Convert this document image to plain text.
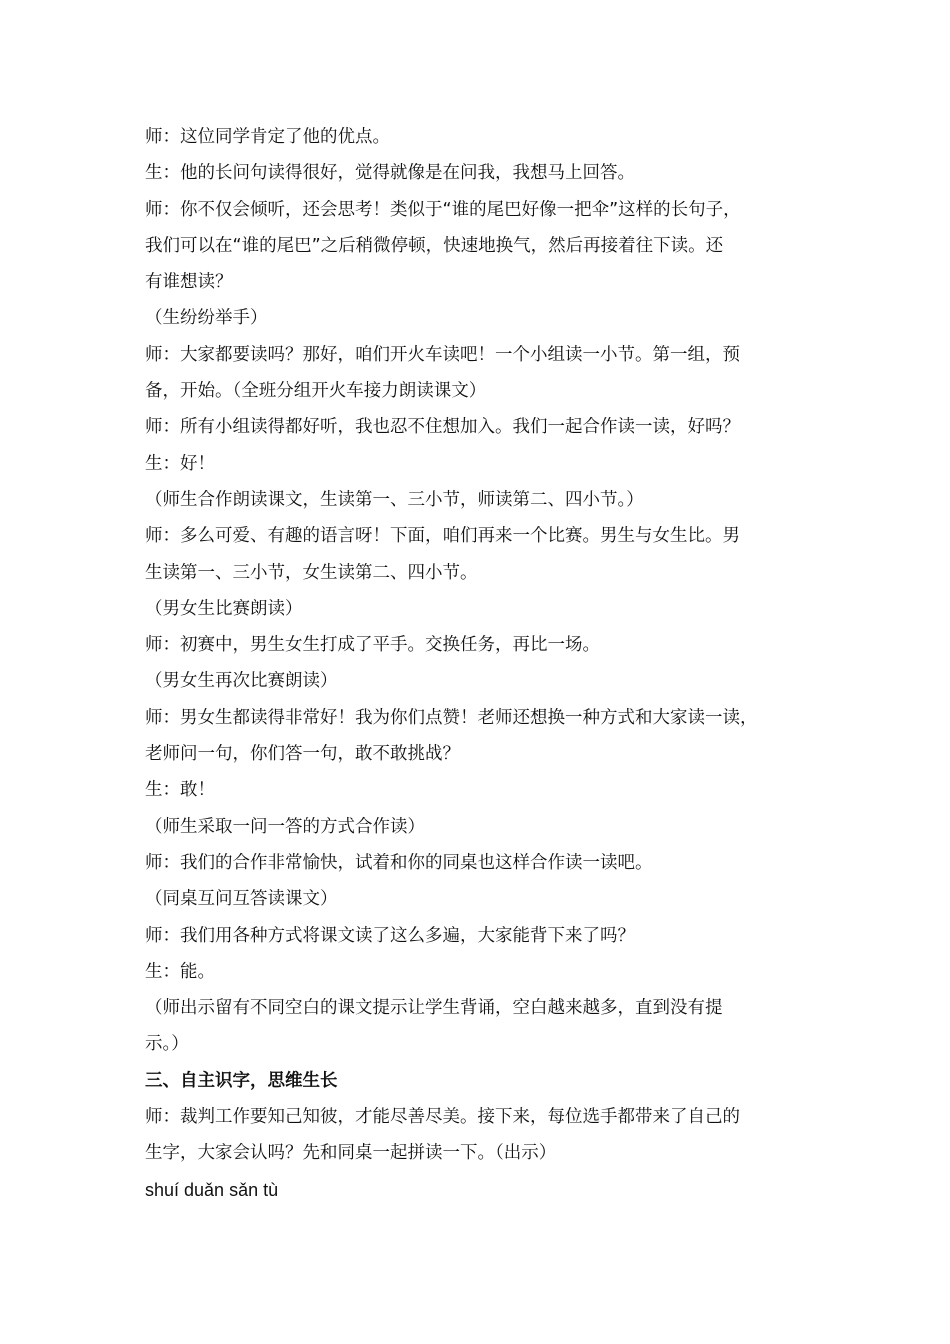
师：这位同学肯定了他的优点。
生：他的长问句读得很好，觉得就像是在问我，我想马上回答。
师：你不仅会倾听，还会思考！类似于“谁的尾巴好像一把伞”这样的长句子，
我们可以在“谁的尾巴”之后稍微停顿，快速地换气，然后再接着往下读。还
有谁想读？
（生纷纷举手）
师：大家都要读吗？那好，咱们开火车读吧！一个小组读一小节。第一组，预
备，开始。（全班分组开火车接力朗读课文）
师：所有小组读得都好听，我也忍不住想加入。我们一起合作读一读，好吗？
生：好！
（师生合作朗读课文，生读第一、三小节，师读第二、四小节。）
师：多么可爱、有趣的语言呀！下面，咱们再来一个比赛。男生与女生比。男
生读第一、三小节，女生读第二、四小节。
（男女生比赛朗读）
师：初赛中，男生女生打成了平手。交换任务，再比一场。
（男女生再次比赛朗读）
师：男女生都读得非常好！我为你们点赞！老师还想换一种方式和大家读一读，
老师问一句，你们答一句，敢不敢挑战？
生：敢！
（师生采取一问一答的方式合作读）
师：我们的合作非常愉快，试着和你的同桌也这样合作读一读吧。
（同桌互问互答读课文）
师：我们用各种方式将课文读了这么多遍，大家能背下来了吗？
生：能。
（师出示留有不同空白的课文提示让学生背诵，空白越来越多，直到没有提
示。）
三、自主识字，思维生长
师：裁判工作要知己知彼，才能尽善尽美。接下来，每位选手都带来了自己的
生字，大家会认吗？先和同桌一起拼读一下。（出示）
shuí duǎn sǎn tù
